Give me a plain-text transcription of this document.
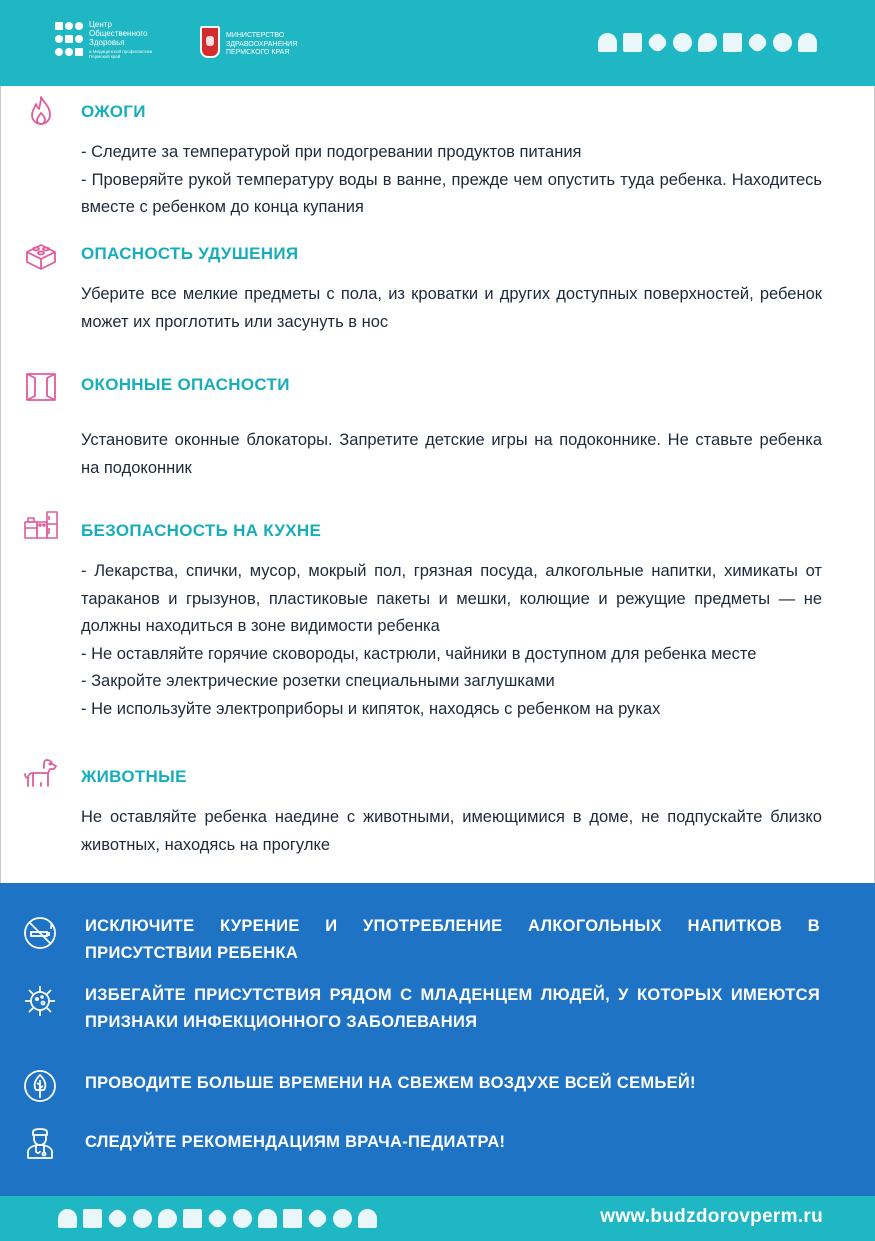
Центр
Общественного
Здоровья
и Медицинской профилактики Пермский край
МИНИСТЕРСТВО
ЗДРАВООХРАНЕНИЯ
ПЕРМСКОГО КРАЯ
ОЖОГИ

- Следите за температурой при подогревании продуктов питания

- Проверяйте рукой температуру воды в ванне, прежде чем опустить туда ребенка. Находитесь вместе с ребенком до конца купания

ОПАСНОСТЬ УДУШЕНИЯ

Уберите все мелкие предметы с пола, из кроватки и других доступных поверхностей, ребенок может их проглотить или засунуть в нос

ОКОННЫЕ ОПАСНОСТИ

Установите оконные блокаторы. Запретите детские игры на подоконнике. Не ставьте ребенка на подоконник

БЕЗОПАСНОСТЬ НА КУХНЕ

- Лекарства, спички, мусор, мокрый пол, грязная посуда, алкогольные напитки, химикаты от тараканов и грызунов, пластиковые пакеты и мешки, колющие и режущие предметы — не должны находиться в зоне видимости ребенка

- Не оставляйте горячие сковороды, кастрюли, чайники в доступном для ребенка месте

- Закройте электрические розетки специальными заглушками

- Не используйте электроприборы и кипяток, находясь с ребенком на руках

ЖИВОТНЫЕ

Не оставляйте ребенка наедине с животными, имеющимися в доме, не подпускайте близко животных, находясь на прогулке

ИСКЛЮЧИТЕ КУРЕНИЕ И УПОТРЕБЛЕНИЕ АЛКОГОЛЬНЫХ НАПИТКОВ В ПРИСУТСТВИИ РЕБЕНКА
ИЗБЕГАЙТЕ ПРИСУТСТВИЯ РЯДОМ С МЛАДЕНЦЕМ ЛЮДЕЙ, У КОТОРЫХ ИМЕЮТСЯ ПРИЗНАКИ ИНФЕКЦИОННОГО ЗАБОЛЕВАНИЯ
ПРОВОДИТЕ БОЛЬШЕ ВРЕМЕНИ НА СВЕЖЕМ ВОЗДУХЕ ВСЕЙ СЕМЬЕЙ!
СЛЕДУЙТЕ РЕКОМЕНДАЦИЯМ ВРАЧА-ПЕДИАТРА!
www.budzdorovperm.ru
